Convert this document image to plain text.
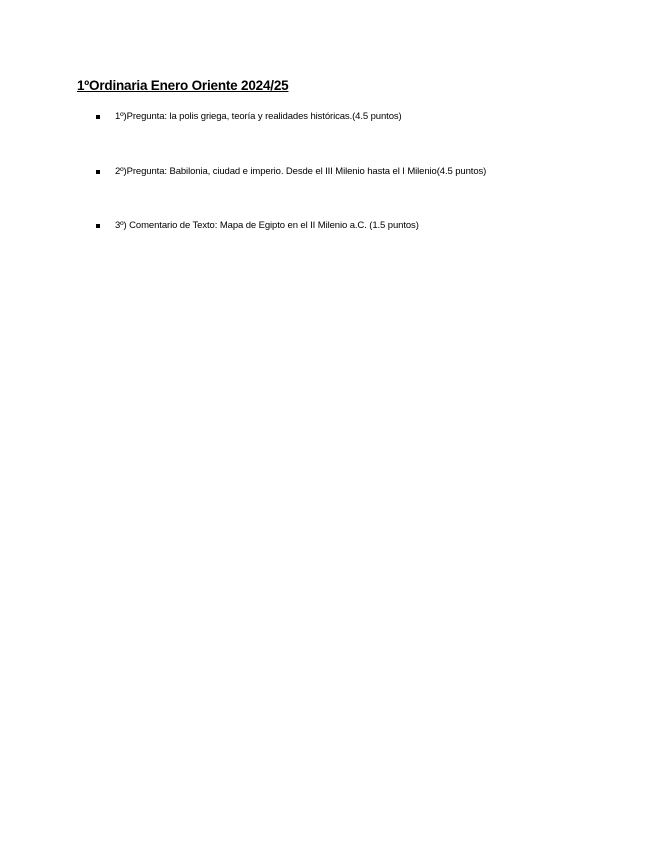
1ºOrdinaria Enero Oriente 2024/25
1º)Pregunta: la polis griega, teoría y realidades históricas.(4.5 puntos)
2º)Pregunta: Babilonia, ciudad e imperio. Desde el III Milenio hasta el I Milenio(4.5 puntos)
3º) Comentario de Texto: Mapa de Egipto en el II Milenio a.C. (1.5 puntos)
